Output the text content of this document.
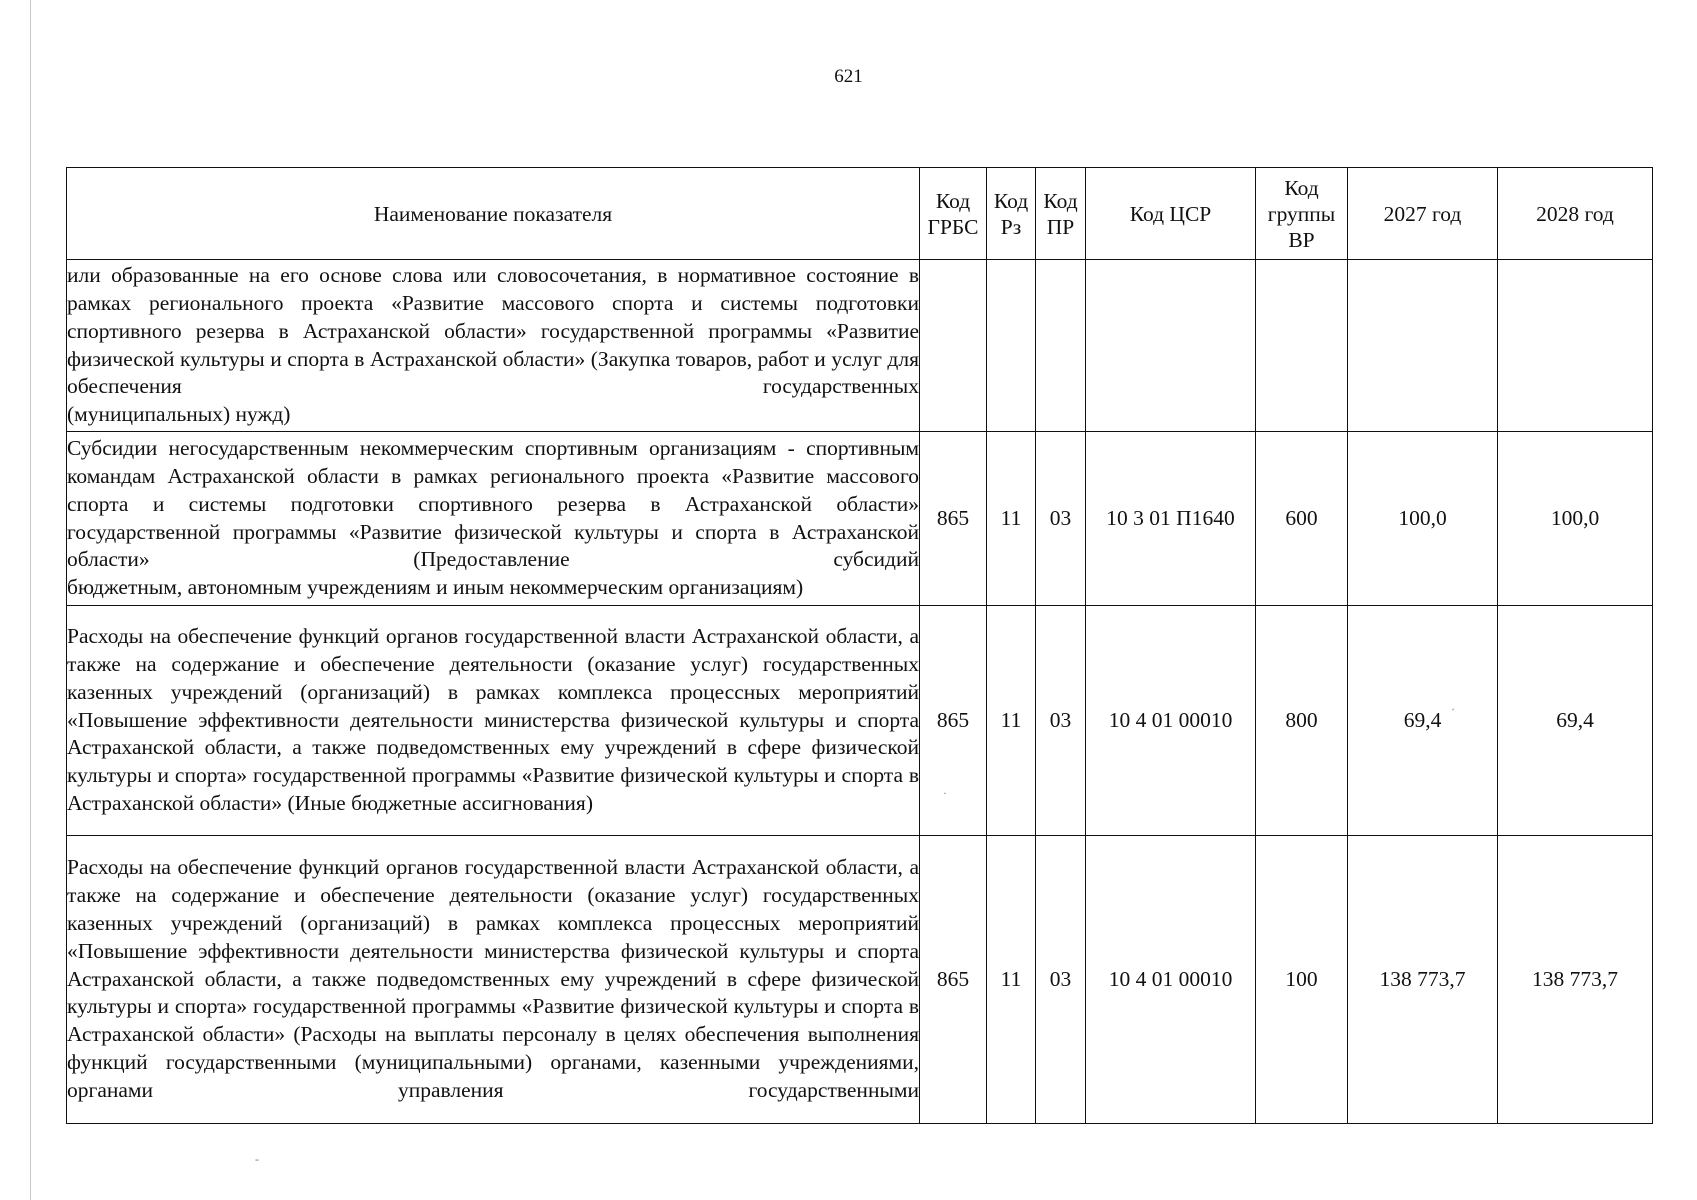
621
Наименование показателя	Код ГРБС	Код Рз	Код ПР	Код ЦСР	Код группы ВР	2027 год	2028 год
или образованные на его основе слова или словосочетания, в нормативное состояние в рамках регионального проекта «Развитие массового спорта и системы подготовки спортивного резерва в Астраханской области» государственной программы «Развитие физической культуры и спорта в Астраханской области» (Закупка товаров, работ и услуг для обеспечения государственных
(муниципальных) нужд)							

Субсидии негосударственным некоммерческим спортивным организациям - спортивным командам Астраханской области в рамках регионального проекта «Развитие массового спорта и системы подготовки спортивного резерва в Астраханской области» государственной программы «Развитие физической культуры и спорта в Астраханской области» (Предоставление субсидий
бюджетным, автономным учреждениям и иным некоммерческим организациям)	865	11	03	10 3 01 П1640	600	100,0	100,0
Расходы на обеспечение функций органов государственной власти Астраханской области, а также на содержание и обеспечение деятельности (оказание услуг) государственных казенных учреждений (организаций) в рамках комплекса процессных мероприятий «Повышение эффективности деятельности министерства физической культуры и спорта Астраханской области, а также подведомственных ему учреждений в сфере физической культуры и спорта» государственной программы «Развитие физической культуры и спорта в
Астраханской области» (Иные бюджетные ассигнования)	865	11	03	10 4 01 00010	800	69,4	69,4
Расходы на обеспечение функций органов государственной власти Астраханской области, а также на содержание и обеспечение деятельности (оказание услуг) государственных казенных учреждений (организаций) в рамках комплекса процессных мероприятий «Повышение эффективности деятельности министерства физической культуры и спорта Астраханской области, а также подведомственных ему учреждений в сфере физической культуры и спорта» государственной программы «Развитие физической культуры и спорта в Астраханской области» (Расходы на выплаты персоналу в целях обеспечения выполнения функций государственными (муниципальными) органами, казенными учреждениями, органами управления государственными	865	11	03	10 4 01 00010	100	138 773,7	138 773,7
·
´
‐
